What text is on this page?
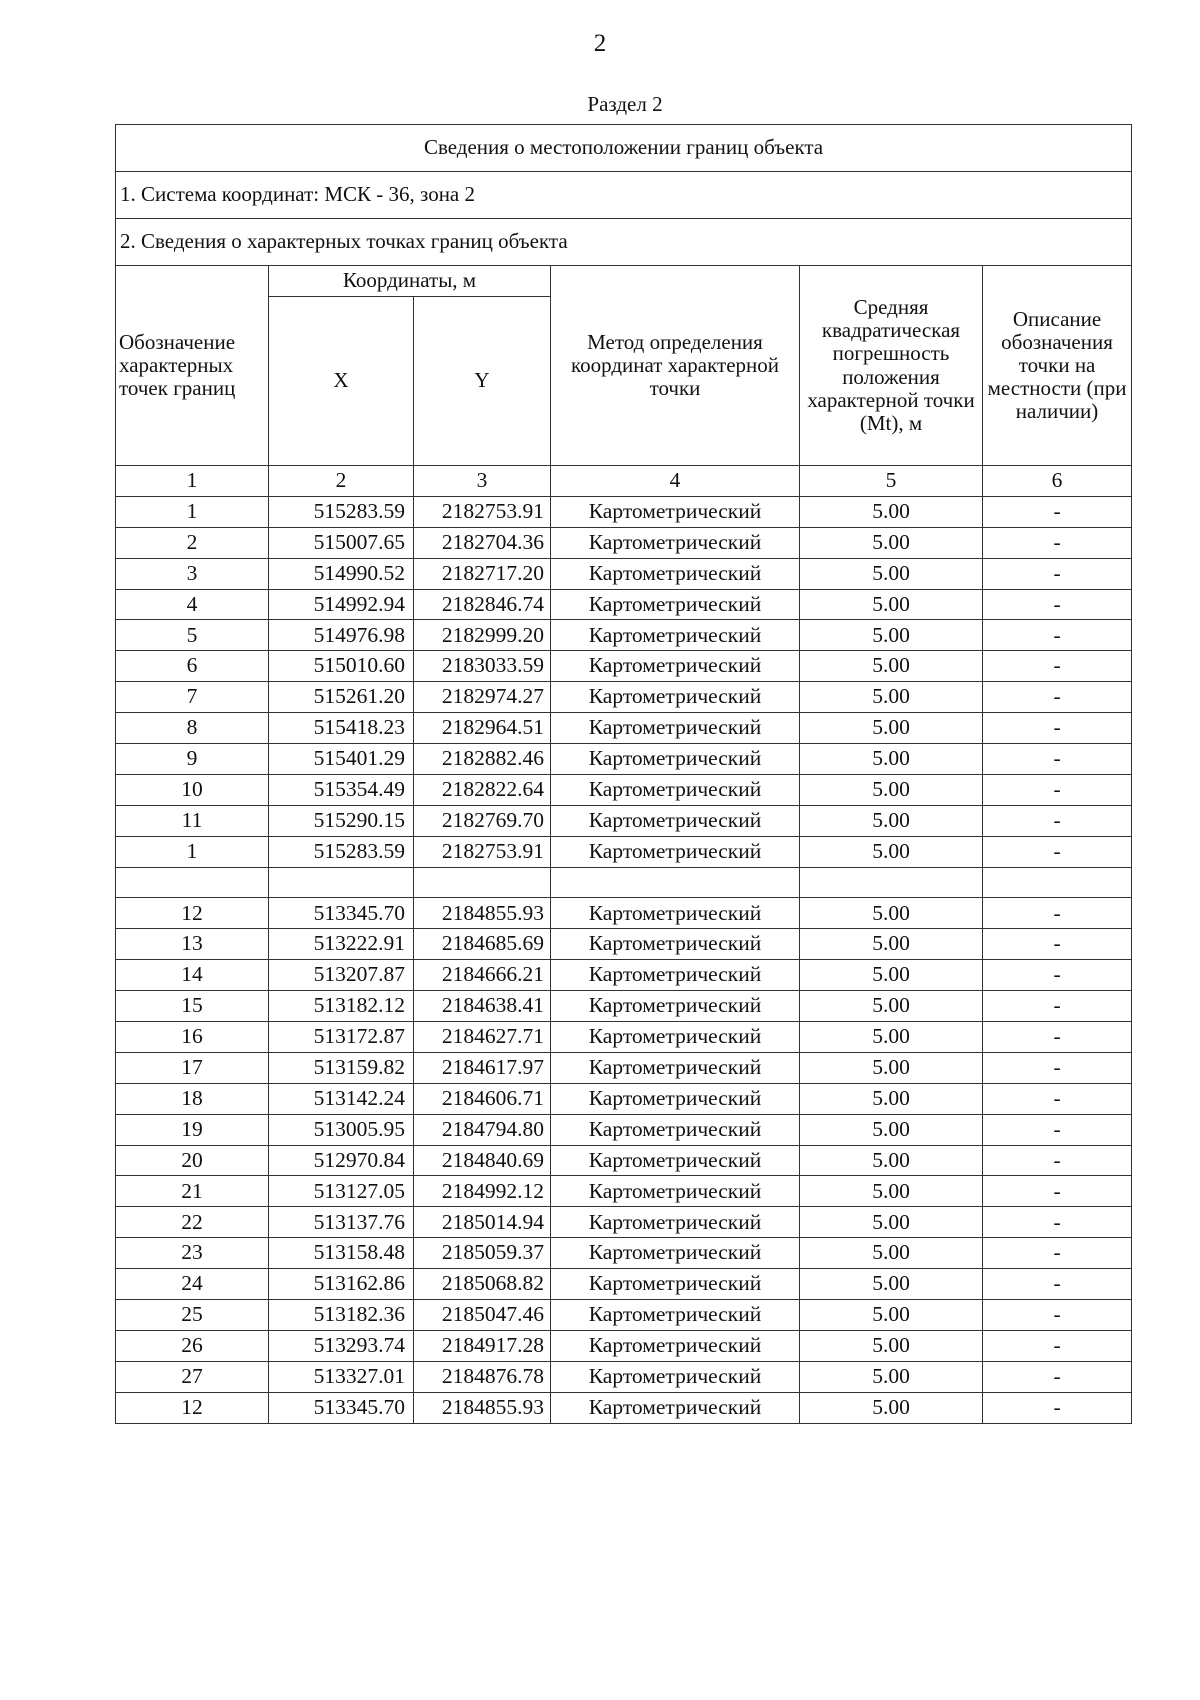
2
Раздел 2
Сведения о местоположении границ объекта					
1. Система координат: МСК - 36, зона 2					
2. Сведения о характерных точках границ объекта					
Обозначение характерных точек границ	Координаты, м		Метод определения координат характерной точки	Средняя квадратическая погрешность положения характерной точки (Mt), м	Описание обозначения точки на местности (при наличии)
	X	Y			
1	2	3	4	5	6
1	515283.59	2182753.91	Картометрический	5.00	-
2	515007.65	2182704.36	Картометрический	5.00	-
3	514990.52	2182717.20	Картометрический	5.00	-
4	514992.94	2182846.74	Картометрический	5.00	-
5	514976.98	2182999.20	Картометрический	5.00	-
6	515010.60	2183033.59	Картометрический	5.00	-
7	515261.20	2182974.27	Картометрический	5.00	-
8	515418.23	2182964.51	Картометрический	5.00	-
9	515401.29	2182882.46	Картометрический	5.00	-
10	515354.49	2182822.64	Картометрический	5.00	-
11	515290.15	2182769.70	Картометрический	5.00	-
1	515283.59	2182753.91	Картометрический	5.00	-

12	513345.70	2184855.93	Картометрический	5.00	-
13	513222.91	2184685.69	Картометрический	5.00	-
14	513207.87	2184666.21	Картометрический	5.00	-
15	513182.12	2184638.41	Картометрический	5.00	-
16	513172.87	2184627.71	Картометрический	5.00	-
17	513159.82	2184617.97	Картометрический	5.00	-
18	513142.24	2184606.71	Картометрический	5.00	-
19	513005.95	2184794.80	Картометрический	5.00	-
20	512970.84	2184840.69	Картометрический	5.00	-
21	513127.05	2184992.12	Картометрический	5.00	-
22	513137.76	2185014.94	Картометрический	5.00	-
23	513158.48	2185059.37	Картометрический	5.00	-
24	513162.86	2185068.82	Картометрический	5.00	-
25	513182.36	2185047.46	Картометрический	5.00	-
26	513293.74	2184917.28	Картометрический	5.00	-
27	513327.01	2184876.78	Картометрический	5.00	-
12	513345.70	2184855.93	Картометрический	5.00	-
